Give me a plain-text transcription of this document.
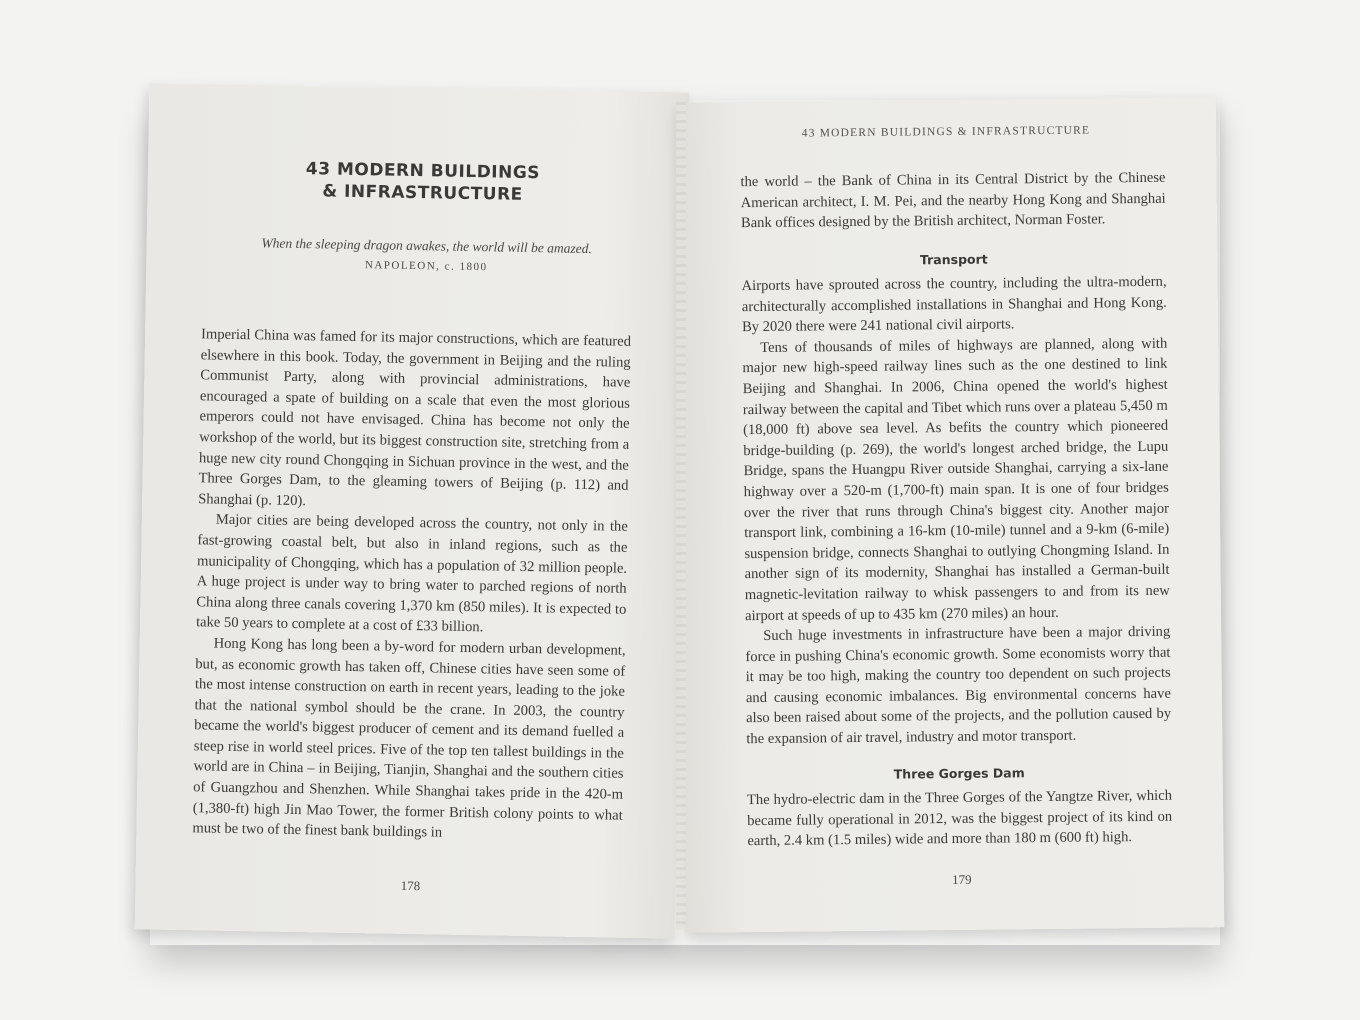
43 MODERN BUILDINGS
& INFRASTRUCTURE
When the sleeping dragon awakes, the world will be amazed.
NAPOLEON, c. 1800

Imperial China was famed for its major constructions, which are featured elsewhere in this book. Today, the government in Beijing and the ruling Communist Party, along with provincial administrations, have encouraged a spate of building on a scale that even the most glorious emperors could not have envisaged. China has become not only the workshop of the world, but its biggest construction site, stretching from a huge new city round Chongqing in Sichuan province in the west, and the Three Gorges Dam, to the gleaming towers of Beijing (p. 112) and Shanghai (p. 120).

Major cities are being developed across the country, not only in the fast-growing coastal belt, but also in inland regions, such as the municipality of Chongqing, which has a population of 32 million people. A huge project is under way to bring water to parched regions of north China along three canals covering 1,370 km (850 miles). It is expected to take 50 years to complete at a cost of £33 billion.

Hong Kong has long been a by-word for modern urban development, but, as economic growth has taken off, Chinese cities have seen some of the most intense construction on earth in recent years, leading to the joke that the national symbol should be the crane. In 2003, the country became the world's biggest producer of cement and its demand fuelled a steep rise in world steel prices. Five of the top ten tallest buildings in the world are in China – in Beijing, Tianjin, Shanghai and the southern cities of Guangzhou and Shenzhen. While Shanghai takes pride in the 420-m (1,380-ft) high Jin Mao Tower, the former British colony points to what must be two of the finest bank buildings in

178
43 MODERN BUILDINGS & INFRASTRUCTURE

the world – the Bank of China in its Central District by the Chinese American architect, I. M. Pei, and the nearby Hong Kong and Shanghai Bank offices designed by the British architect, Norman Foster.

Transport

Airports have sprouted across the country, including the ultra-modern, architecturally accomplished installations in Shanghai and Hong Kong. By 2020 there were 241 national civil airports.

Tens of thousands of miles of highways are planned, along with major new high-speed railway lines such as the one destined to link Beijing and Shanghai. In 2006, China opened the world's highest railway between the capital and Tibet which runs over a plateau 5,450 m (18,000 ft) above sea level. As befits the country which pioneered bridge-building (p. 269), the world's longest arched bridge, the Lupu Bridge, spans the Huangpu River outside Shanghai, carrying a six-lane highway over a 520-m (1,700-ft) main span. It is one of four bridges over the river that runs through China's biggest city. Another major transport link, combining a 16-km (10-mile) tunnel and a 9-km (6-mile) suspension bridge, connects Shanghai to outlying Chongming Island. In another sign of its modernity, Shanghai has installed a German-built magnetic-levitation railway to whisk passengers to and from its new airport at speeds of up to 435 km (270 miles) an hour.

Such huge investments in infrastructure have been a major driving force in pushing China's economic growth. Some economists worry that it may be too high, making the country too dependent on such projects and causing economic imbalances. Big environmental concerns have also been raised about some of the projects, and the pollution caused by the expansion of air travel, industry and motor transport.

Three Gorges Dam

The hydro-electric dam in the Three Gorges of the Yangtze River, which became fully operational in 2012, was the biggest project of its kind on earth, 2.4 km (1.5 miles) wide and more than 180 m (600 ft) high.

179
